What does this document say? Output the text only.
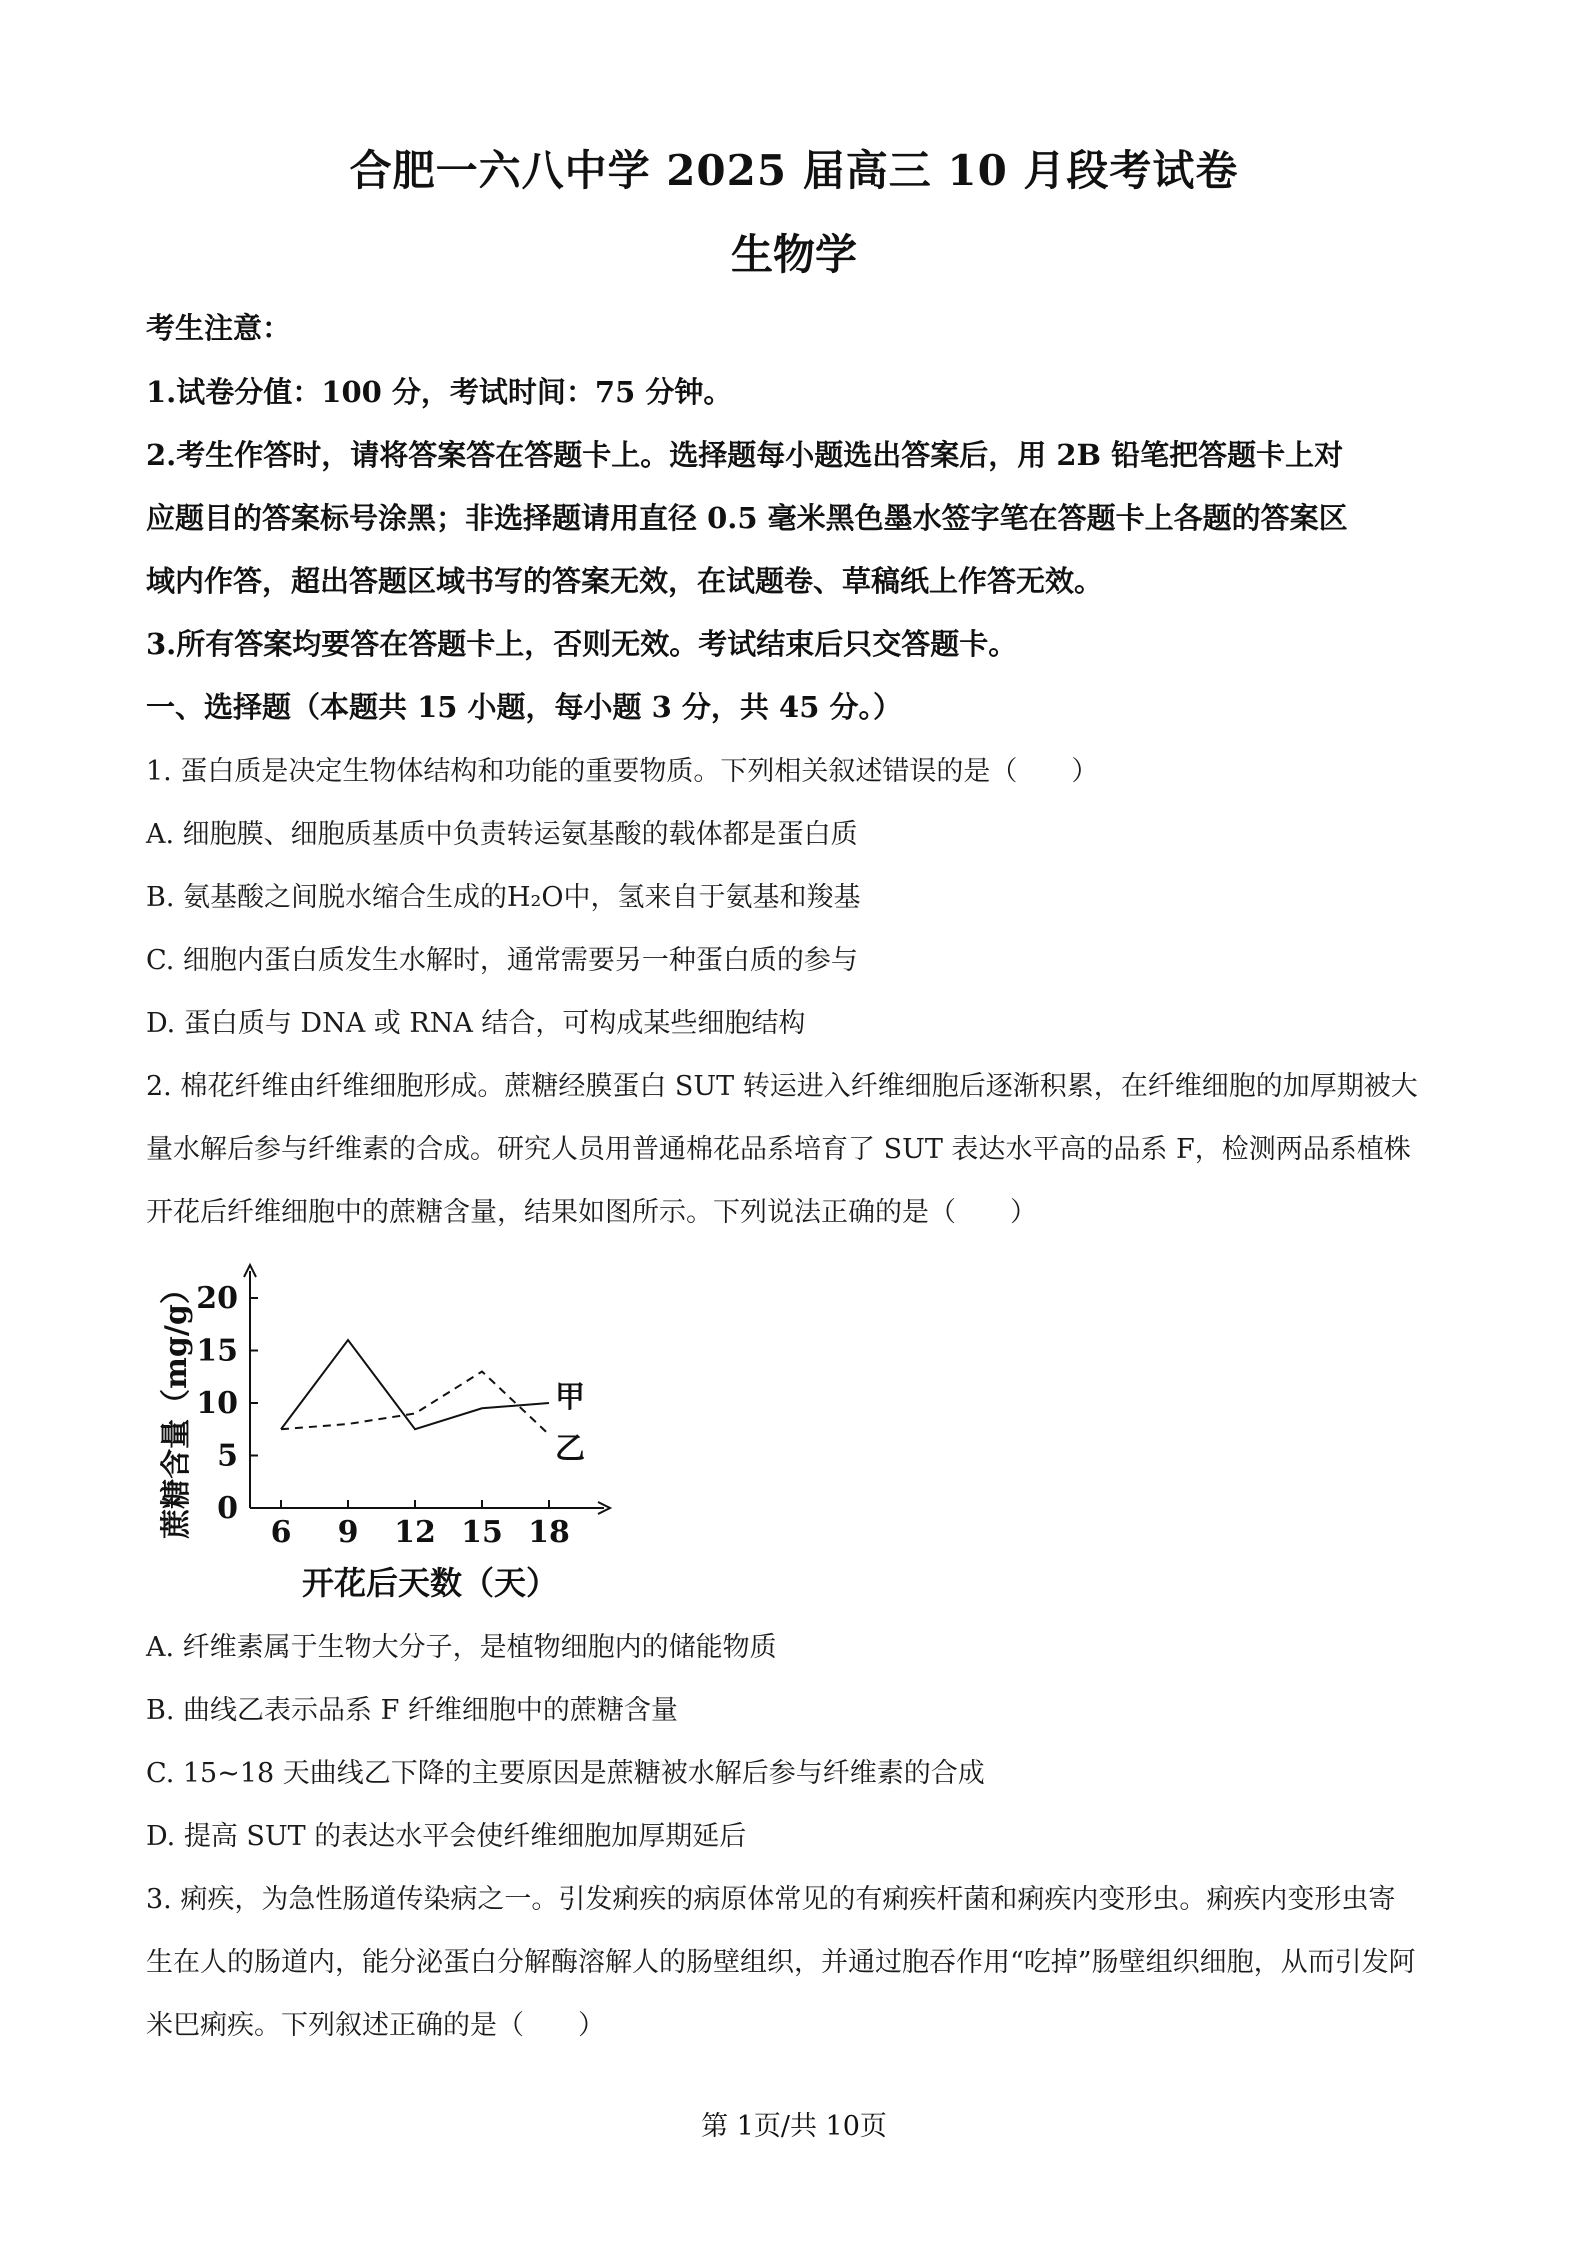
合肥一六八中学 2025 届高三 10 月段考试卷
生物学
考生注意：
1.试卷分值：100 分，考试时间：75 分钟。
2.考生作答时，请将答案答在答题卡上。选择题每小题选出答案后，用 2B 铅笔把答题卡上对
应题目的答案标号涂黑；非选择题请用直径 0.5 毫米黑色墨水签字笔在答题卡上各题的答案区
域内作答，超出答题区域书写的答案无效，在试题卷、草稿纸上作答无效。
3.所有答案均要答在答题卡上，否则无效。考试结束后只交答题卡。
一、选择题（本题共 15 小题，每小题 3 分，共 45 分。）
1. 蛋白质是决定生物体结构和功能的重要物质。下列相关叙述错误的是（　　）
A. 细胞膜、细胞质基质中负责转运氨基酸的载体都是蛋白质
B. 氨基酸之间脱水缩合生成的H₂O中，氢来自于氨基和羧基
C. 细胞内蛋白质发生水解时，通常需要另一种蛋白质的参与
D. 蛋白质与 DNA 或 RNA 结合，可构成某些细胞结构
2. 棉花纤维由纤维细胞形成。蔗糖经膜蛋白 SUT 转运进入纤维细胞后逐渐积累，在纤维细胞的加厚期被大
量水解后参与纤维素的合成。研究人员用普通棉花品系培育了 SUT 表达水平高的品系 F，检测两品系植株
开花后纤维细胞中的蔗糖含量，结果如图所示。下列说法正确的是（　　）
0
5
10
15
20
6 9 12 15 18
甲
乙
开花后天数（天）
蔗糖含量（mg/g）
A. 纤维素属于生物大分子，是植物细胞内的储能物质
B. 曲线乙表示品系 F 纤维细胞中的蔗糖含量
C. 15~18 天曲线乙下降的主要原因是蔗糖被水解后参与纤维素的合成
D. 提高 SUT 的表达水平会使纤维细胞加厚期延后
3. 痢疾，为急性肠道传染病之一。引发痢疾的病原体常见的有痢疾杆菌和痢疾内变形虫。痢疾内变形虫寄
生在人的肠道内，能分泌蛋白分解酶溶解人的肠壁组织，并通过胞吞作用“吃掉”肠壁组织细胞，从而引发阿
米巴痢疾。下列叙述正确的是（　　）
第 1页/共 10页
